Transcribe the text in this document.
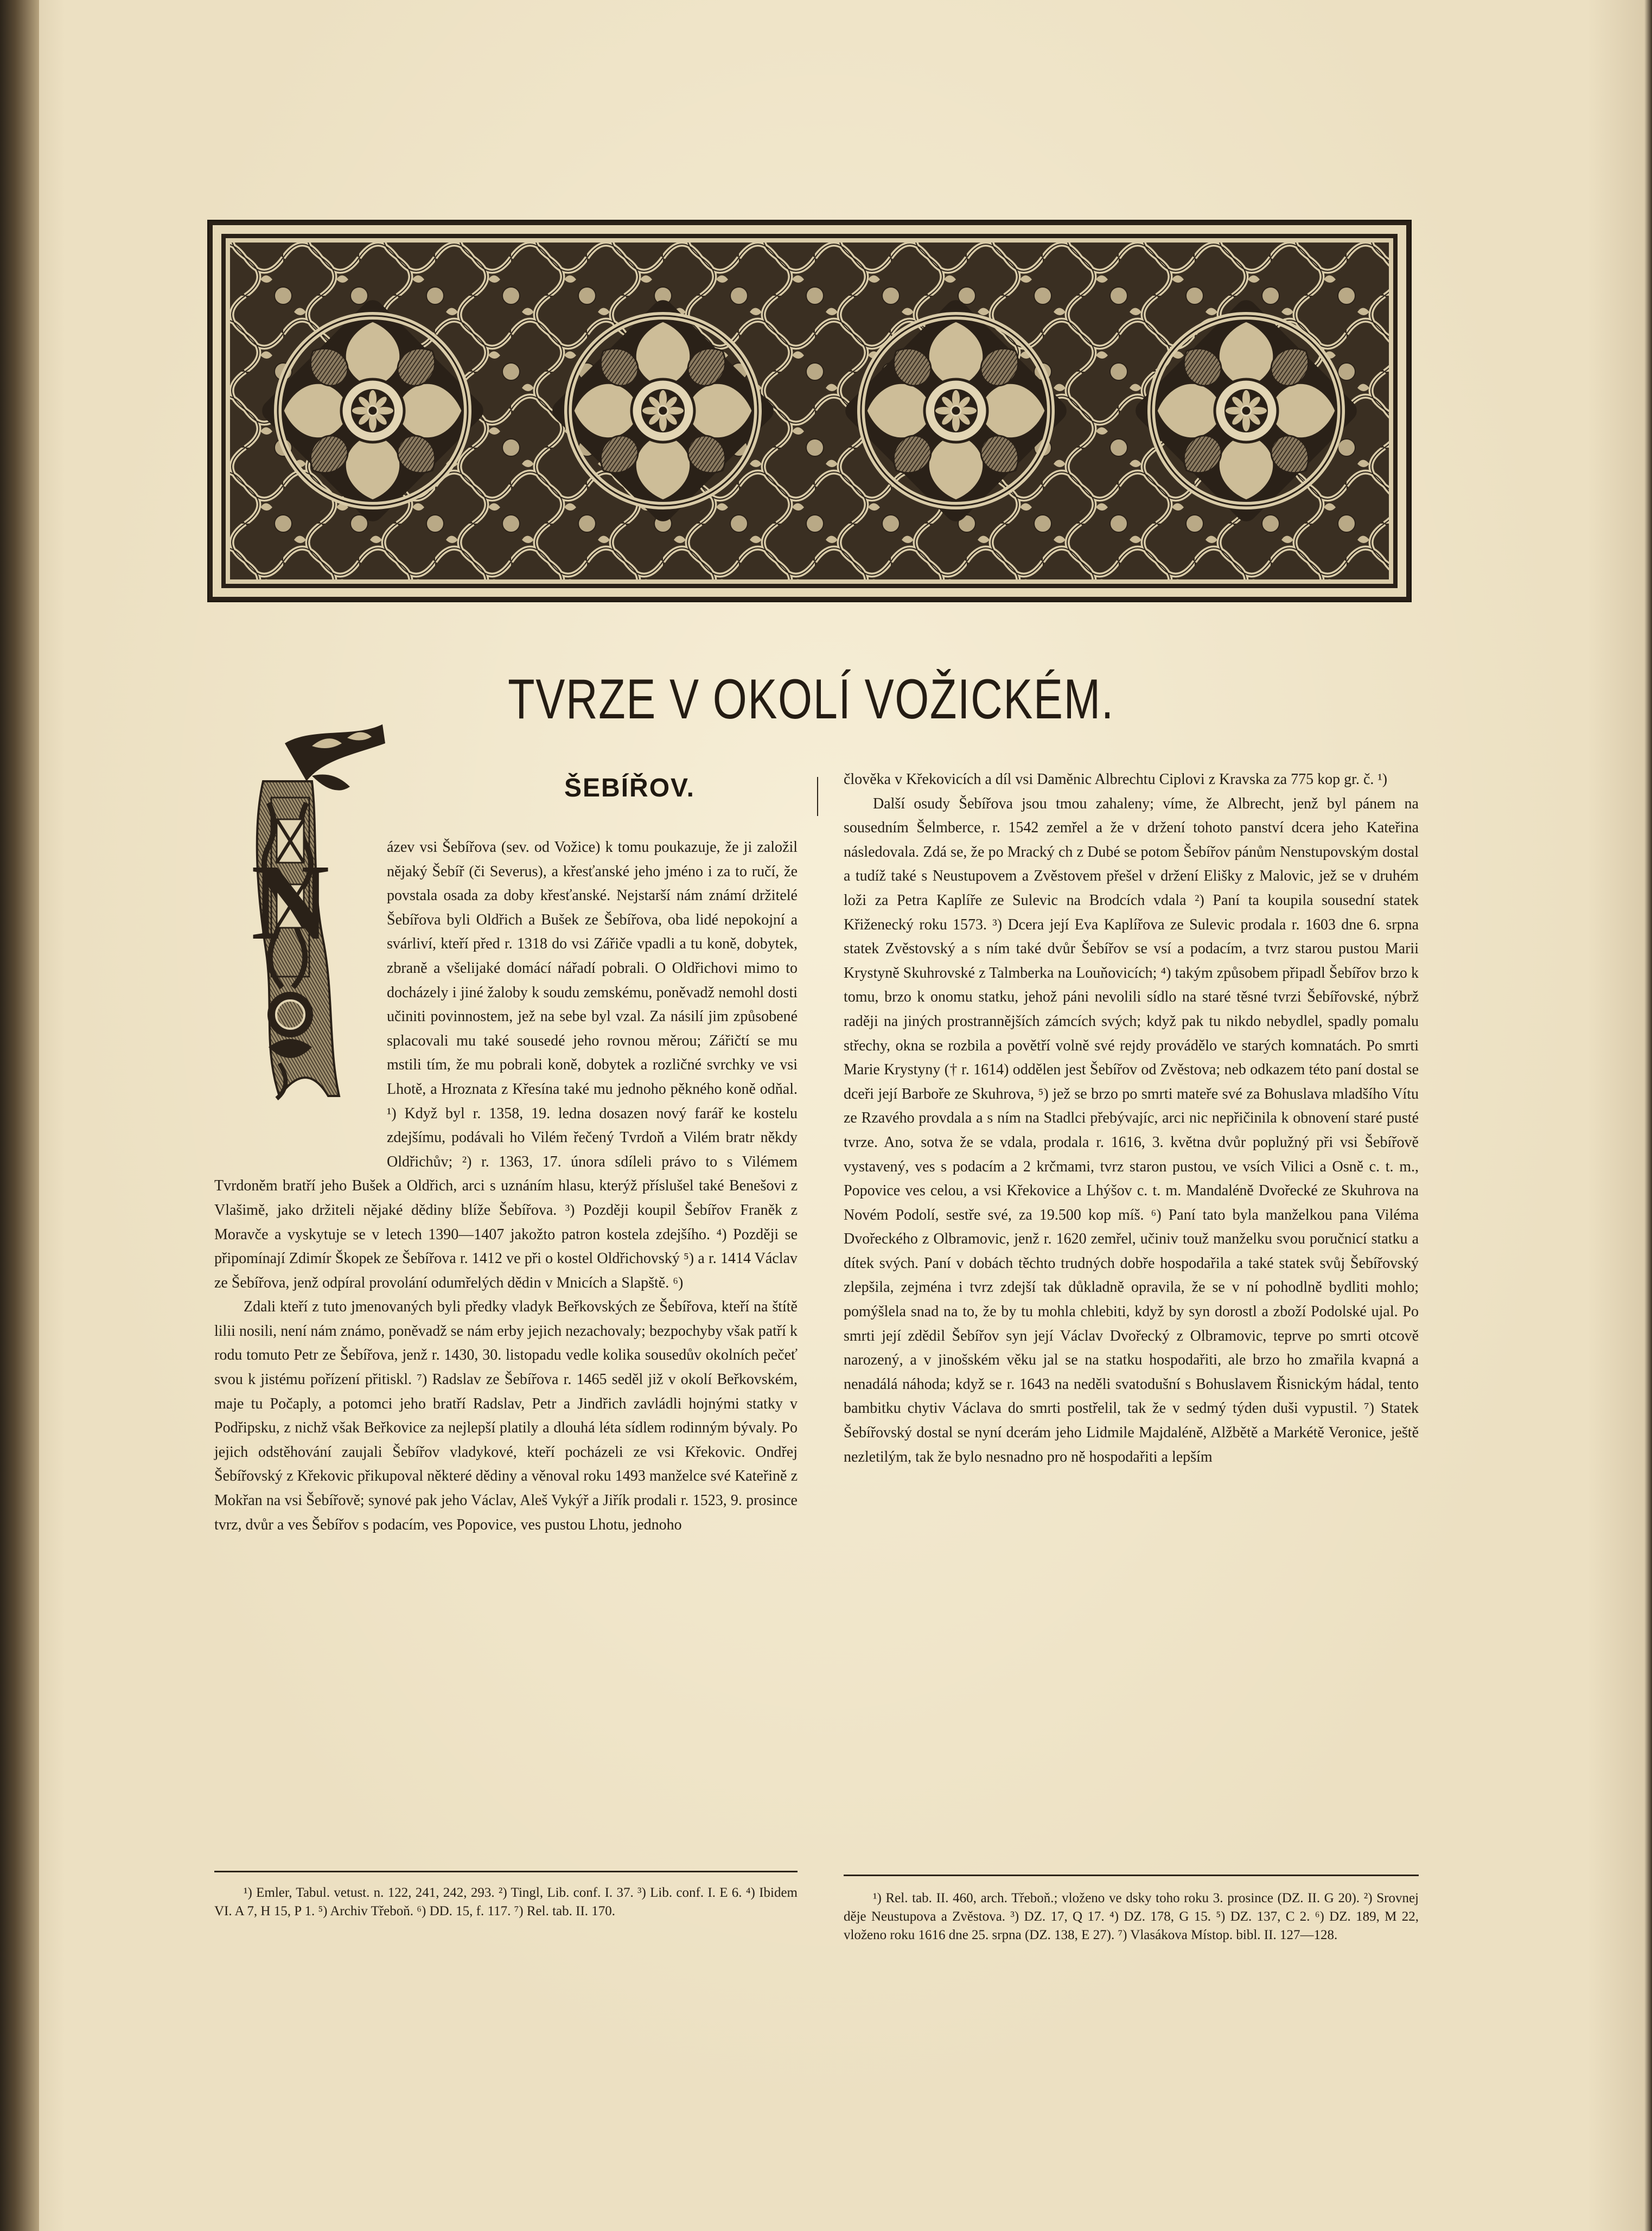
TVRZE V OKOLÍ VOŽICKÉM.
N
ŠEBÍŘOV.

ázev vsi Šebířova (sev. od Vožice) k tomu poukazuje, že ji založil nějaký Šebíř (či Severus), a křesťanské jeho jméno i za to ručí, že povstala osada za doby křesťanské. Nejstarší nám známí držitelé Šebířova byli Oldřich a Bušek ze Šebířova, oba lidé nepokojní a svárliví, kteří před r. 1318 do vsi Zářiče vpadli a tu koně, dobytek, zbraně a všelijaké domácí nářadí pobrali. O Oldřichovi mimo to docházely i jiné žaloby k soudu zemskému, poněvadž nemohl dosti učiniti povinnostem, jež na sebe byl vzal. Za násilí jim způsobené splacovali mu také sousedé jeho rovnou měrou; Zářičtí se mu mstili tím, že mu pobrali koně, dobytek a rozličné svrchky ve vsi Lhotě, a Hroznata z Křesína také mu jednoho pěkného koně odňal. ¹) Když byl r. 1358, 19. ledna dosazen nový farář ke kostelu zdejšímu, podávali ho Vilém řečený Tvrdoň a Vilém bratr někdy Oldřichův; ²) r. 1363, 17. února sdíleli právo to s Vilémem Tvrdoněm bratří jeho Bušek a Oldřich, arci s uznáním hlasu, kterýž příslušel také Benešovi z Vlašimě, jako držiteli nějaké dědiny blíže Šebířova. ³) Později koupil Šebířov Franěk z Moravče a vyskytuje se v letech 1390—1407 jakožto patron kostela zdejšího. ⁴) Později se připomínají Zdimír Škopek ze Šebířova r. 1412 ve při o kostel Oldřichovský ⁵) a r. 1414 Václav ze Šebířova, jenž odpíral provolání odumřelých dědin v Mnicích a Slapště. ⁶)

Zdali kteří z tuto jmenovaných byli předky vladyk Beřkovských ze Šebířova, kteří na štítě lilii nosili, není nám známo, poněvadž se nám erby jejich nezachovaly; bezpochyby však patří k rodu tomuto Petr ze Šebířova, jenž r. 1430, 30. listopadu vedle kolika sousedův okolních pečeť svou k jistému pořízení přitiskl. ⁷) Radslav ze Šebířova r. 1465 seděl již v okolí Beřkovském, maje tu Počaply, a potomci jeho bratří Radslav, Petr a Jindřich zavládli hojnými statky v Podřipsku, z nichž však Beřkovice za nejlepší platily a dlouhá léta sídlem rodinným bývaly. Po jejich odstěhování zaujali Šebířov vladykové, kteří pocházeli ze vsi Křekovic. Ondřej Šebířovský z Křekovic přikupoval některé dědiny a věnoval roku 1493 manželce své Kateřině z Mokřan na vsi Šebířově; synové pak jeho Václav, Aleš Vykýř a Jiřík prodali r. 1523, 9. prosince tvrz, dvůr a ves Šebířov s podacím, ves Popovice, ves pustou Lhotu, jednoho

člověka v Křekovicích a díl vsi Daměnic Albrechtu Ciplovi z Kravska za 775 kop gr. č. ¹)

Další osudy Šebířova jsou tmou zahaleny; víme, že Albrecht, jenž byl pánem na sousedním Šelmberce, r. 1542 zemřel a že v držení tohoto panství dcera jeho Kateřina následovala. Zdá se, že po Mracký ch z Dubé se potom Šebířov pánům Nenstupovským dostal a tudíž také s Neustupovem a Zvěstovem přešel v držení Elišky z Malovic, jež se v druhém loži za Petra Kaplíře ze Sulevic na Brodcích vdala ²) Paní ta koupila sousední statek Křiženecký roku 1573. ³) Dcera její Eva Kaplířova ze Sulevic prodala r. 1603 dne 6. srpna statek Zvěstovský a s ním také dvůr Šebířov se vsí a podacím, a tvrz starou pustou Marii Krystyně Skuhrovské z Talmberka na Louňovicích; ⁴) takým způsobem připadl Šebířov brzo k tomu, brzo k onomu statku, jehož páni nevolili sídlo na staré těsné tvrzi Šebířovské, nýbrž raději na jiných prostrannějších zámcích svých; když pak tu nikdo nebydlel, spadly pomalu střechy, okna se rozbila a povětří volně své rejdy provádělo ve starých komnatách. Po smrti Marie Krystyny († r. 1614) oddělen jest Šebířov od Zvěstova; neb odkazem této paní dostal se dceři její Barboře ze Skuhrova, ⁵) jež se brzo po smrti mateře své za Bohuslava mladšího Vítu ze Rzavého provdala a s ním na Stadlci přebývajíc, arci nic nepřičinila k obnovení staré pusté tvrze. Ano, sotva že se vdala, prodala r. 1616, 3. května dvůr poplužný při vsi Šebířově vystavený, ves s podacím a 2 krčmami, tvrz staron pustou, ve vsích Vilici a Osně c. t. m., Popovice ves celou, a vsi Křekovice a Lhýšov c. t. m. Mandaléně Dvořecké ze Skuhrova na Novém Podolí, sestře své, za 19.500 kop míš. ⁶) Paní tato byla manželkou pana Viléma Dvořeckého z Olbramovic, jenž r. 1620 zemřel, učiniv touž manželku svou poručnicí statku a dítek svých. Paní v dobách těchto trudných dobře hospodařila a také statek svůj Šebířovský zlepšila, zejména i tvrz zdejší tak důkladně opravila, že se v ní pohodlně bydliti mohlo; pomýšlela snad na to, že by tu mohla chlebiti, když by syn dorostl a zboží Podolské ujal. Po smrti její zdědil Šebířov syn její Václav Dvořecký z Olbramovic, teprve po smrti otcově narozený, a v jinošském věku jal se na statku hospodařiti, ale brzo ho zmařila kvapná a nenadálá náhoda; když se r. 1643 na neděli svatodušní s Bohuslavem Řisnickým hádal, tento bambitku chytiv Václava do smrti postřelil, tak že v sedmý týden duši vypustil. ⁷) Statek Šebířovský dostal se nyní dcerám jeho Lidmile Majdaléně, Alžbětě a Markétě Veronice, ještě nezletilým, tak že bylo nesnadno pro ně hospodařiti a lepším

¹) Emler, Tabul. vetust. n. 122, 241, 242, 293. ²) Tingl, Lib. conf. I. 37. ³) Lib. conf. I. E 6. ⁴) Ibidem VI. A 7, H 15, P 1. ⁵) Archiv Třeboň. ⁶) DD. 15, f. 117. ⁷) Rel. tab. II. 170.

¹) Rel. tab. II. 460, arch. Třeboň.; vloženo ve dsky toho roku 3. prosince (DZ. II. G 20). ²) Srovnej děje Neustupova a Zvěstova. ³) DZ. 17, Q 17. ⁴) DZ. 178, G 15. ⁵) DZ. 137, C 2. ⁶) DZ. 189, M 22, vloženo roku 1616 dne 25. srpna (DZ. 138, E 27). ⁷) Vlasákova Místop. bibl. II. 127—128.
